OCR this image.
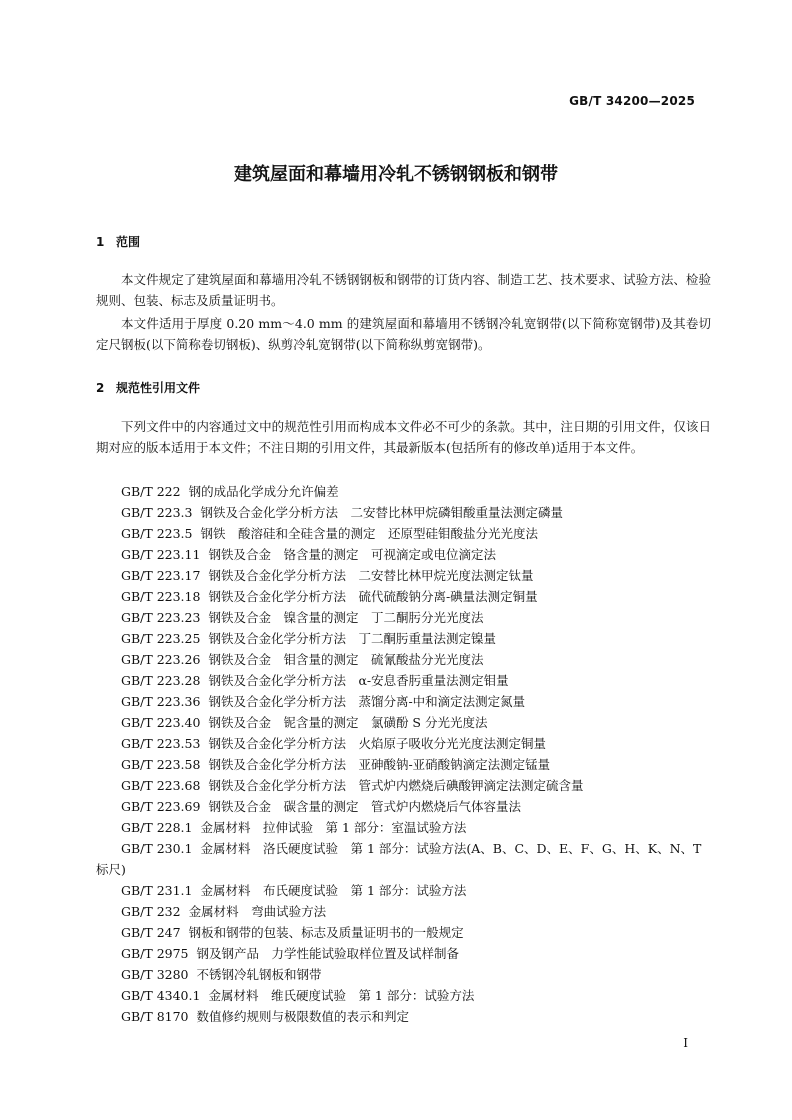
GB/T 34200—2025
建筑屋面和幕墙用冷轧不锈钢钢板和钢带
1 范围
本文件规定了建筑屋面和幕墙用冷轧不锈钢钢板和钢带的订货内容、制造工艺、技术要求、试验方法、检验规则、包装、标志及质量证明书。
本文件适用于厚度 0.20 mm～4.0 mm 的建筑屋面和幕墙用不锈钢冷轧宽钢带(以下简称宽钢带)及其卷切定尺钢板(以下简称卷切钢板)、纵剪冷轧宽钢带(以下简称纵剪宽钢带)。
2 规范性引用文件
下列文件中的内容通过文中的规范性引用而构成本文件必不可少的条款。其中，注日期的引用文件，仅该日期对应的版本适用于本文件；不注日期的引用文件，其最新版本(包括所有的修改单)适用于本文件。
GB/T 222 钢的成品化学成分允许偏差
GB/T 223.3 钢铁及合金化学分析方法　二安替比林甲烷磷钼酸重量法测定磷量
GB/T 223.5 钢铁　酸溶硅和全硅含量的测定　还原型硅钼酸盐分光光度法
GB/T 223.11 钢铁及合金　铬含量的测定　可视滴定或电位滴定法
GB/T 223.17 钢铁及合金化学分析方法　二安替比林甲烷光度法测定钛量
GB/T 223.18 钢铁及合金化学分析方法　硫代硫酸钠分离-碘量法测定铜量
GB/T 223.23 钢铁及合金　镍含量的测定　丁二酮肟分光光度法
GB/T 223.25 钢铁及合金化学分析方法　丁二酮肟重量法测定镍量
GB/T 223.26 钢铁及合金　钼含量的测定　硫氰酸盐分光光度法
GB/T 223.28 钢铁及合金化学分析方法　α-安息香肟重量法测定钼量
GB/T 223.36 钢铁及合金化学分析方法　蒸馏分离-中和滴定法测定氮量
GB/T 223.40 钢铁及合金　铌含量的测定　氯磺酚 S 分光光度法
GB/T 223.53 钢铁及合金化学分析方法　火焰原子吸收分光光度法测定铜量
GB/T 223.58 钢铁及合金化学分析方法　亚砷酸钠-亚硝酸钠滴定法测定锰量
GB/T 223.68 钢铁及合金化学分析方法　管式炉内燃烧后碘酸钾滴定法测定硫含量
GB/T 223.69 钢铁及合金　碳含量的测定　管式炉内燃烧后气体容量法
GB/T 228.1 金属材料　拉伸试验　第 1 部分：室温试验方法
GB/T 230.1 金属材料　洛氏硬度试验　第 1 部分：试验方法(A、B、C、D、E、F、G、H、K、N、T 标尺)
GB/T 231.1 金属材料　布氏硬度试验　第 1 部分：试验方法
GB/T 232 金属材料　弯曲试验方法
GB/T 247 钢板和钢带的包装、标志及质量证明书的一般规定
GB/T 2975 钢及钢产品　力学性能试验取样位置及试样制备
GB/T 3280 不锈钢冷轧钢板和钢带
GB/T 4340.1 金属材料　维氏硬度试验　第 1 部分：试验方法
GB/T 8170 数值修约规则与极限数值的表示和判定
I
